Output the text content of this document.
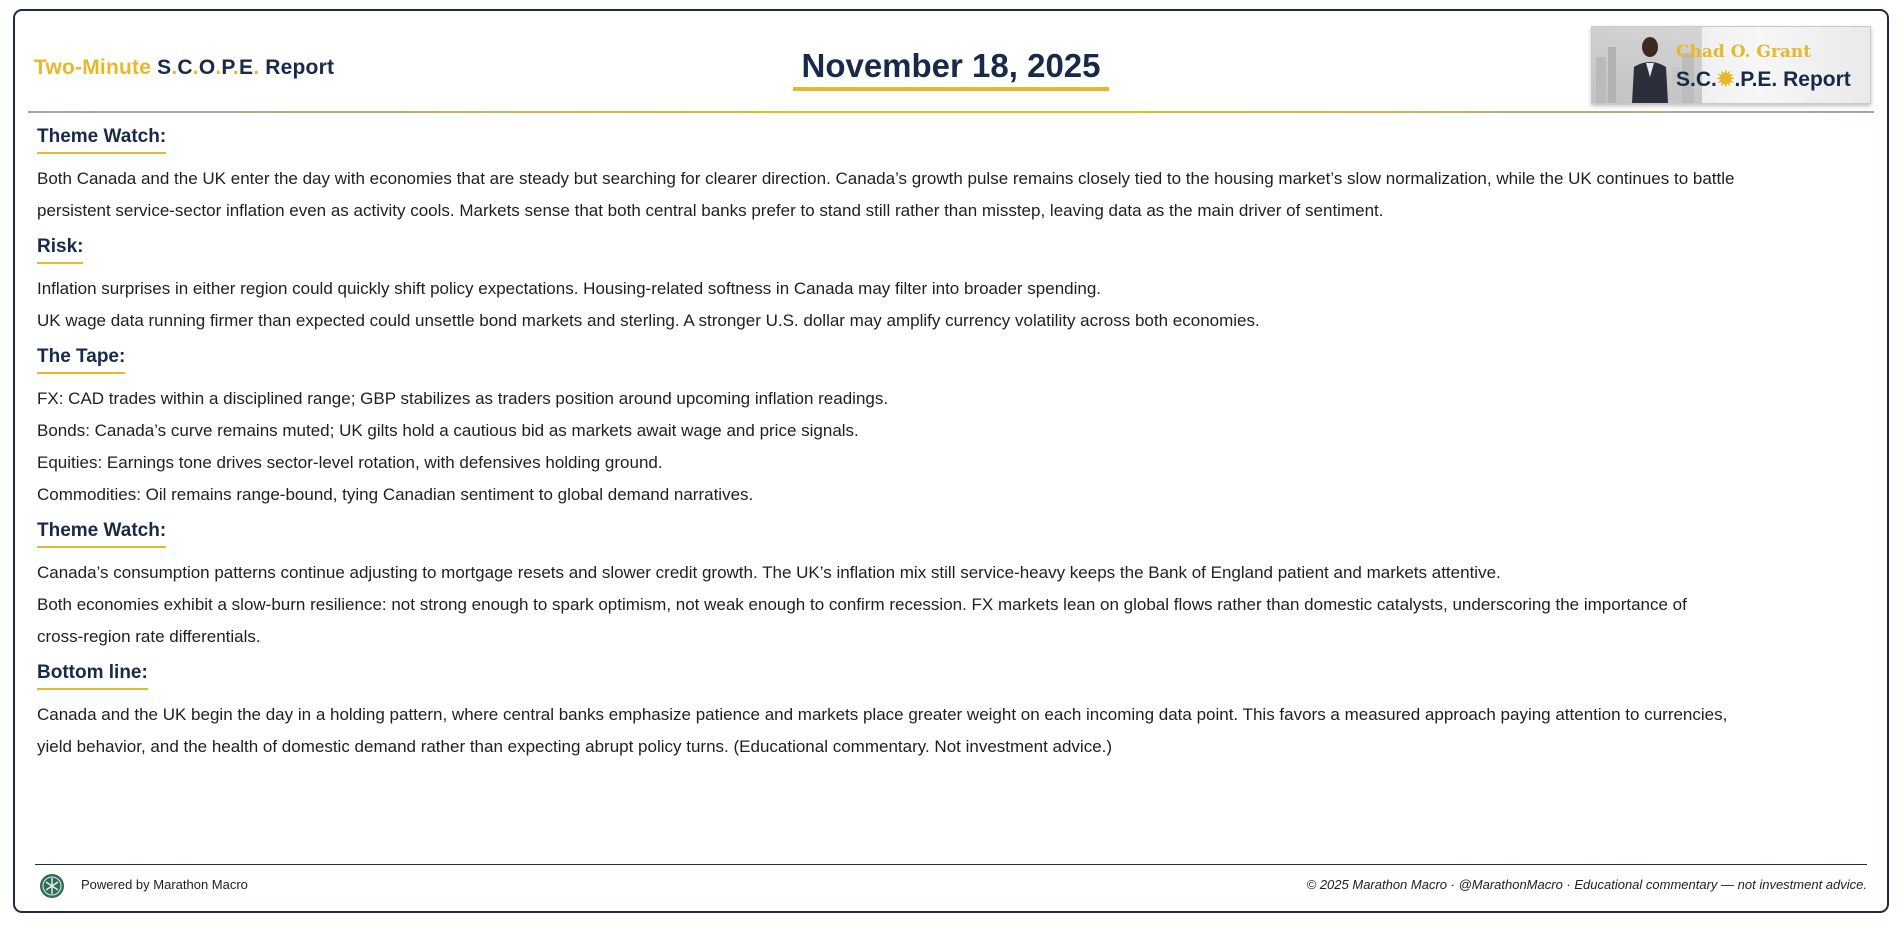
Two-Minute S.C.O.P.E. Report	November 18, 2025	Chad O. Grant
S.C.✹.P.E. Report
Theme Watch:
Both Canada and the UK enter the day with economies that are steady but searching for clearer direction. Canada’s growth pulse remains closely tied to the housing market’s slow normalization, while the UK continues to battle
persistent service-sector inflation even as activity cools. Markets sense that both central banks prefer to stand still rather than misstep, leaving data as the main driver of sentiment.
Risk:
Inflation surprises in either region could quickly shift policy expectations. Housing-related softness in Canada may filter into broader spending.
UK wage data running firmer than expected could unsettle bond markets and sterling. A stronger U.S. dollar may amplify currency volatility across both economies.
The Tape:
FX: CAD trades within a disciplined range; GBP stabilizes as traders position around upcoming inflation readings.
Bonds: Canada’s curve remains muted; UK gilts hold a cautious bid as markets await wage and price signals.
Equities: Earnings tone drives sector-level rotation, with defensives holding ground.
Commodities: Oil remains range-bound, tying Canadian sentiment to global demand narratives.
Theme Watch:
Canada’s consumption patterns continue adjusting to mortgage resets and slower credit growth. The UK’s inflation mix still service-heavy keeps the Bank of England patient and markets attentive.
Both economies exhibit a slow-burn resilience: not strong enough to spark optimism, not weak enough to confirm recession. FX markets lean on global flows rather than domestic catalysts, underscoring the importance of
cross-region rate differentials.
Bottom line:
Canada and the UK begin the day in a holding pattern, where central banks emphasize patience and markets place greater weight on each incoming data point. This favors a measured approach paying attention to currencies,
yield behavior, and the health of domestic demand rather than expecting abrupt policy turns. (Educational commentary. Not investment advice.)
Powered by Marathon Macro	© 2025 Marathon Macro · @MarathonMacro · Educational commentary — not investment advice.
